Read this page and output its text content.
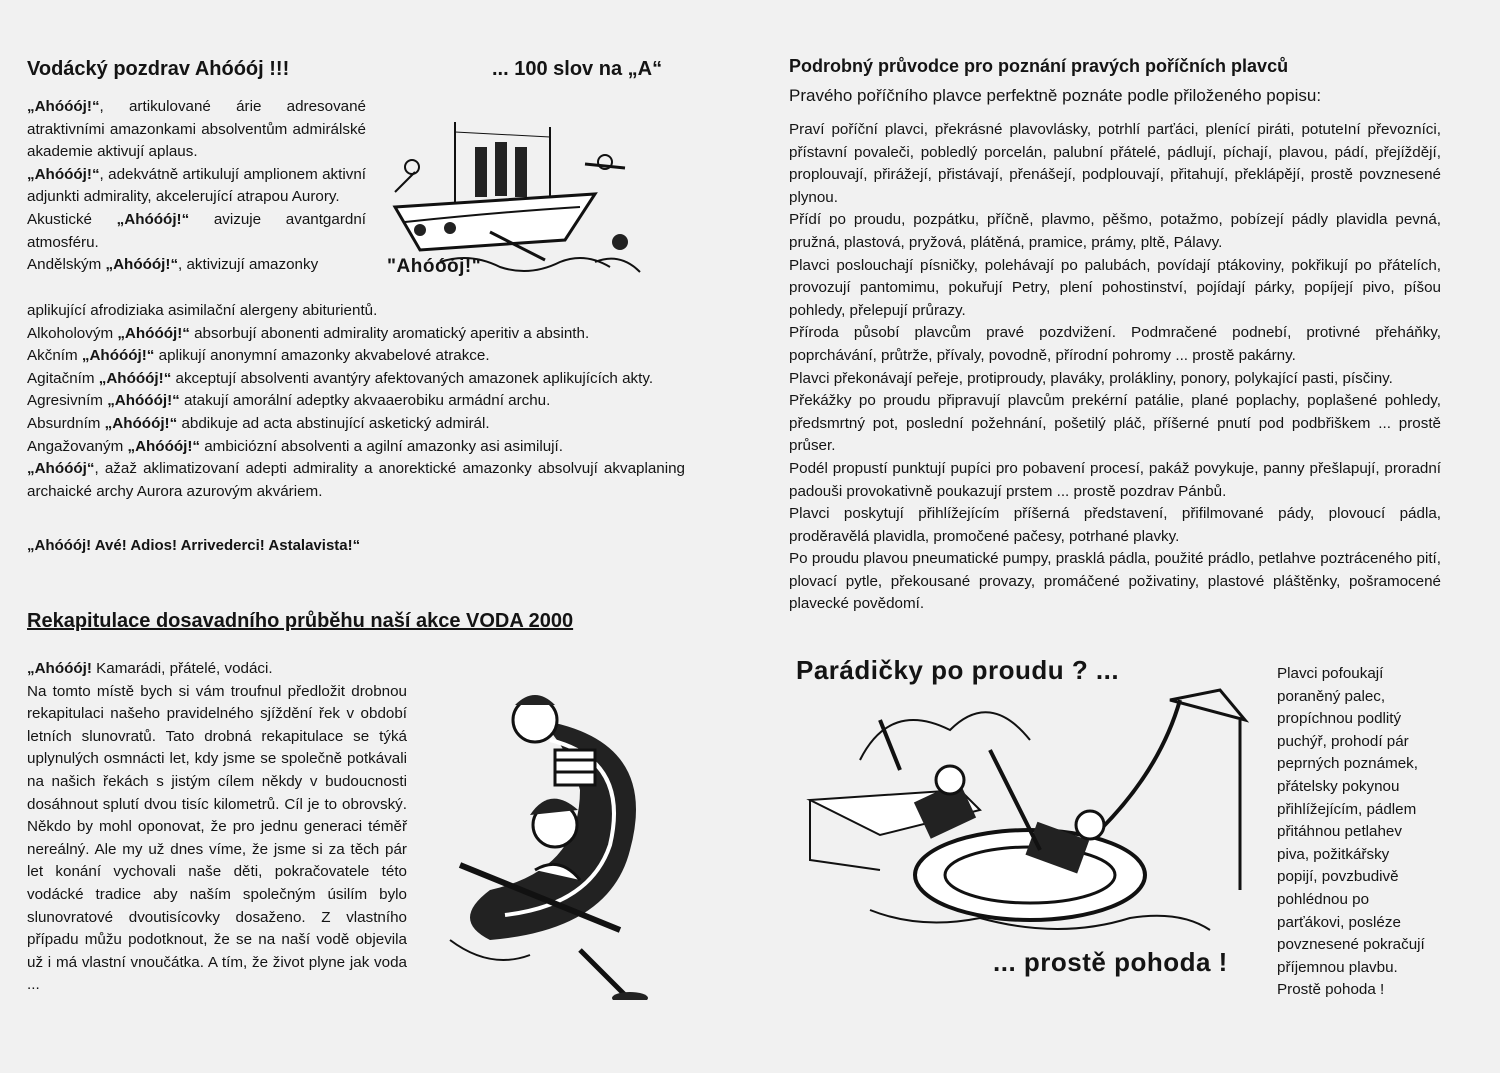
Vodácký pozdrav Ahóóój !!!	... 100 slov na „A“
„Ahóóój!“, artikulované árie adresované atraktivními amazonkami absolventům admirálské akademie aktivují aplaus.
„Ahóóój!“, adekvátně artikulují amplionem aktivní adjunkti admirality, akcelerující atrapou Aurory.
Akustické „Ahóóój!“ avizuje avantgardní atmosféru.
Andělským „Ahóóój!“, aktivizují amazonky	"Ahóóój!"
aplikující afrodiziaka asimilační alergeny abiturientů.
Alkoholovým „Ahóóój!“ absorbují abonenti admirality aromatický aperitiv a absinth.
Akčním „Ahóóój!“ aplikují anonymní amazonky akvabelové atrakce.
Agitačním „Ahóóój!“ akceptují absolventi avantýry afektovaných amazonek aplikujících akty.
Agresivním „Ahóóój!“ atakují amorální adeptky akvaaerobiku armádní archu.
Absurdním „Ahóóój!“ abdikuje ad acta abstinující asketický admirál.
Angažovaným „Ahóóój!“ ambiciózní absolventi a agilní amazonky asi asimilují.
„Ahóóój“, ažaž aklimatizovaní adepti admirality a anorektické amazonky absolvují akvaplaning archaické archy Aurora azurovým akváriem.
„Ahóóój! Avé! Adios! Arrivederci! Astalavista!“
Rekapitulace dosavadního průběhu naší akce VODA 2000
„Ahóóój! Kamarádi, přátelé, vodáci.
Na tomto místě bych si vám troufnul předložit drobnou rekapitulaci našeho pravidelného sjíždění řek v období letních slunovratů. Tato drobná rekapitulace se týká uplynulých osmnácti let, kdy jsme se společně potkávali na našich řekách s jistým cílem někdy v budoucnosti dosáhnout splutí dvou tisíc kilometrů. Cíl je to obrovský. Někdo by mohl oponovat, že pro jednu generaci téměř nereálný. Ale my už dnes víme, že jsme si za těch pár let konání vychovali naše děti, pokračovatele této vodácké tradice aby naším společným úsilím bylo slunovratové dvoutisícovky dosaženo. Z vlastního případu můžu podotknout, že se na naší vodě objevila už i má vlastní vnoučátka. A tím, že život plyne jak voda ...
Podrobný průvodce pro poznání pravých poříčních plavců
Pravého poříčního plavce perfektně poznáte podle přiloženého popisu:
Praví poříční plavci, překrásné plavovlásky, potrhlí parťáci, plenící piráti, potuteIní převozníci, přístavní povaleči, pobledlý porcelán, palubní přátelé, pádlují, píchají, plavou, pádí, přejíždějí, proplouvají, přirážejí, přistávají, přenášejí, podplouvají, přitahují, překlápějí, prostě povznesené plynou.
Přídí po proudu, pozpátku, příčně, plavmo, pěšmo, potažmo, pobízejí pádly plavidla pevná, pružná, plastová, pryžová, plátěná, pramice, prámy, pltě, Pálavy.
Plavci poslouchají písničky, polehávají po palubách, povídají ptákoviny, pokřikují po přátelích, provozují pantomimu, pokuřují Petry, plení pohostinství, pojídají párky, popíjejí pivo, píšou pohledy, přelepují průrazy.
Příroda působí plavcům pravé pozdvižení. Podmračené podnebí, protivné přeháňky, poprchávání, průtrže, přívaly, povodně, přírodní pohromy ... prostě pakárny.
Plavci překonávají peřeje, protiproudy, plaváky, prolákliny, ponory, polykající pasti, písčiny.
Překážky po proudu připravují plavcům prekérní patálie, plané poplachy, poplašené pohledy, předsmrtný pot, poslední požehnání, pošetilý pláč, příšerné pnutí pod podbřiškem ... prostě průser.
Podél propustí punktují pupíci pro pobavení procesí, pakáž povykuje, panny přešlapují, proradní padouši provokativně poukazují prstem ... prostě pozdrav Pánbů.
Plavci poskytují přihlížejícím příšerná představení, přifilmované pády, plovoucí pádla, proděravělá plavidla, promočené pačesy, potrhané plavky.
Po proudu plavou pneumatické pumpy, prasklá pádla, použité prádlo, petlahve poztráceného pití, plovací pytle, překousané provazy, promáčené poživatiny, plastové pláštěnky, pošramocené plavecké povědomí.
Parádičky po proudu ? ...
... prostě pohoda !
Plavci pofoukají
poraněný palec,
propíchnou podlitý
puchýř, prohodí pár
peprných poznámek,
přátelsky pokynou
přihlížejícím, pádlem
přitáhnou petlahev
piva, požitkářsky
popijí, povzbudivě
pohlédnou po
parťákovi, posléze
povznesené pokračují
příjemnou plavbu.
Prostě pohoda !
